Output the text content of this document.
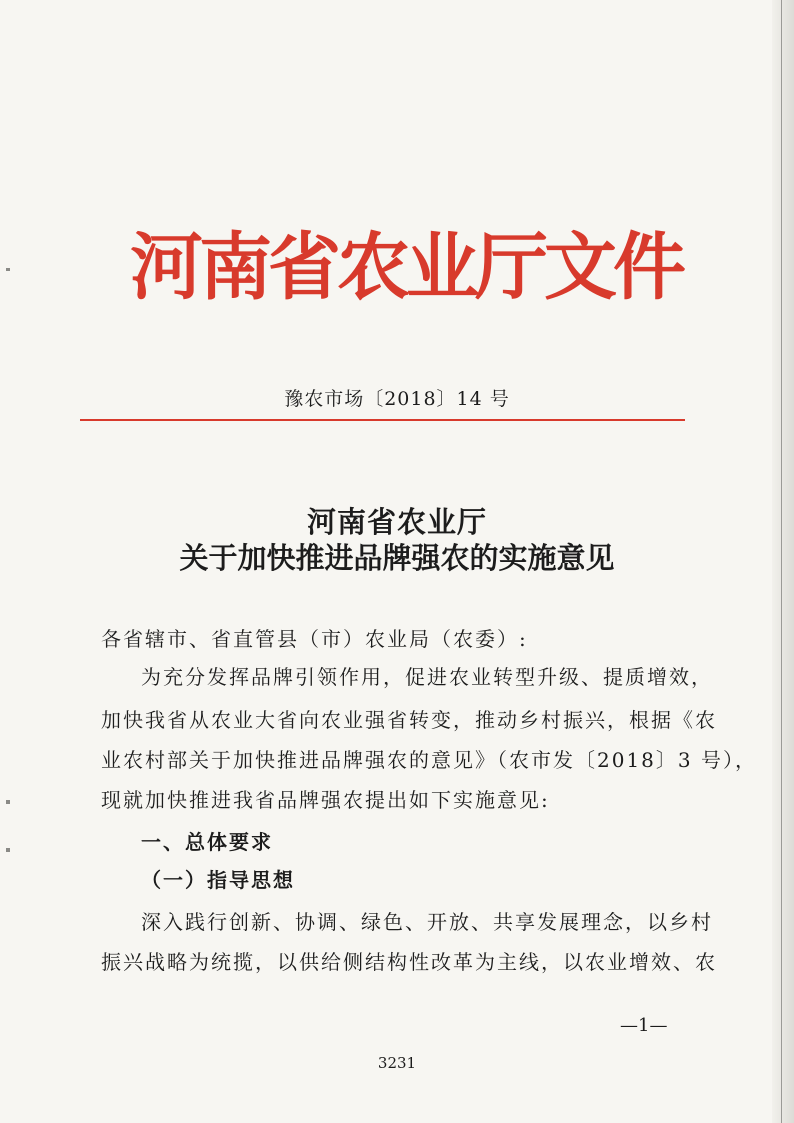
河南省农业厅文件
豫农市场〔2018〕14 号
河南省农业厅
关于加快推进品牌强农的实施意见
各省辖市、省直管县（市）农业局（农委）:
为充分发挥品牌引领作用，促进农业转型升级、提质增效，
加快我省从农业大省向农业强省转变，推动乡村振兴，根据《农
业农村部关于加快推进品牌强农的意见》（农市发〔2018〕3 号），
现就加快推进我省品牌强农提出如下实施意见:
一、总体要求
（一）指导思想
深入践行创新、协调、绿色、开放、共享发展理念，以乡村
振兴战略为统揽，以供给侧结构性改革为主线，以农业增效、农
—1—
3231
